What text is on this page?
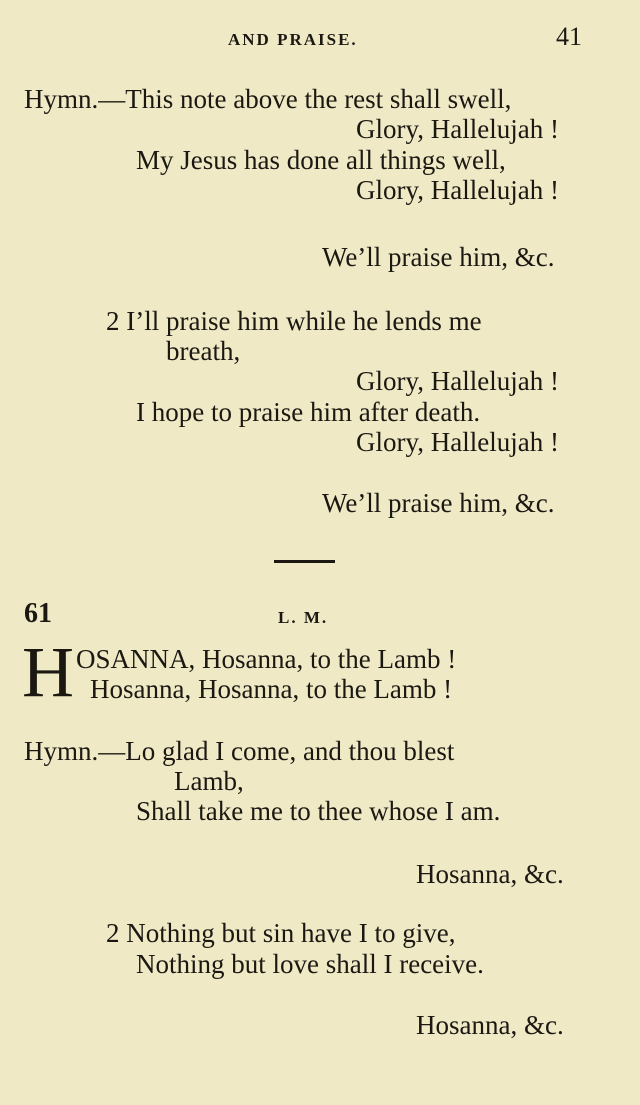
AND PRAISE.	41
Hymn.—This note above the rest shall swell,
Glory, Hallelujah !
My Jesus has done all things well,
Glory, Hallelujah !
We’ll praise him, &c.
2 I’ll praise him while he lends me
breath,
Glory, Hallelujah !
I hope to praise him after death.
Glory, Hallelujah !
We’ll praise him, &c.
61	L. M.
H OSANNA, Hosanna, to the Lamb !
Hosanna, Hosanna, to the Lamb !
Hymn.—Lo glad I come, and thou blest
Lamb,
Shall take me to thee whose I am.
Hosanna, &c.
2 Nothing but sin have I to give,
Nothing but love shall I receive.
Hosanna, &c.
